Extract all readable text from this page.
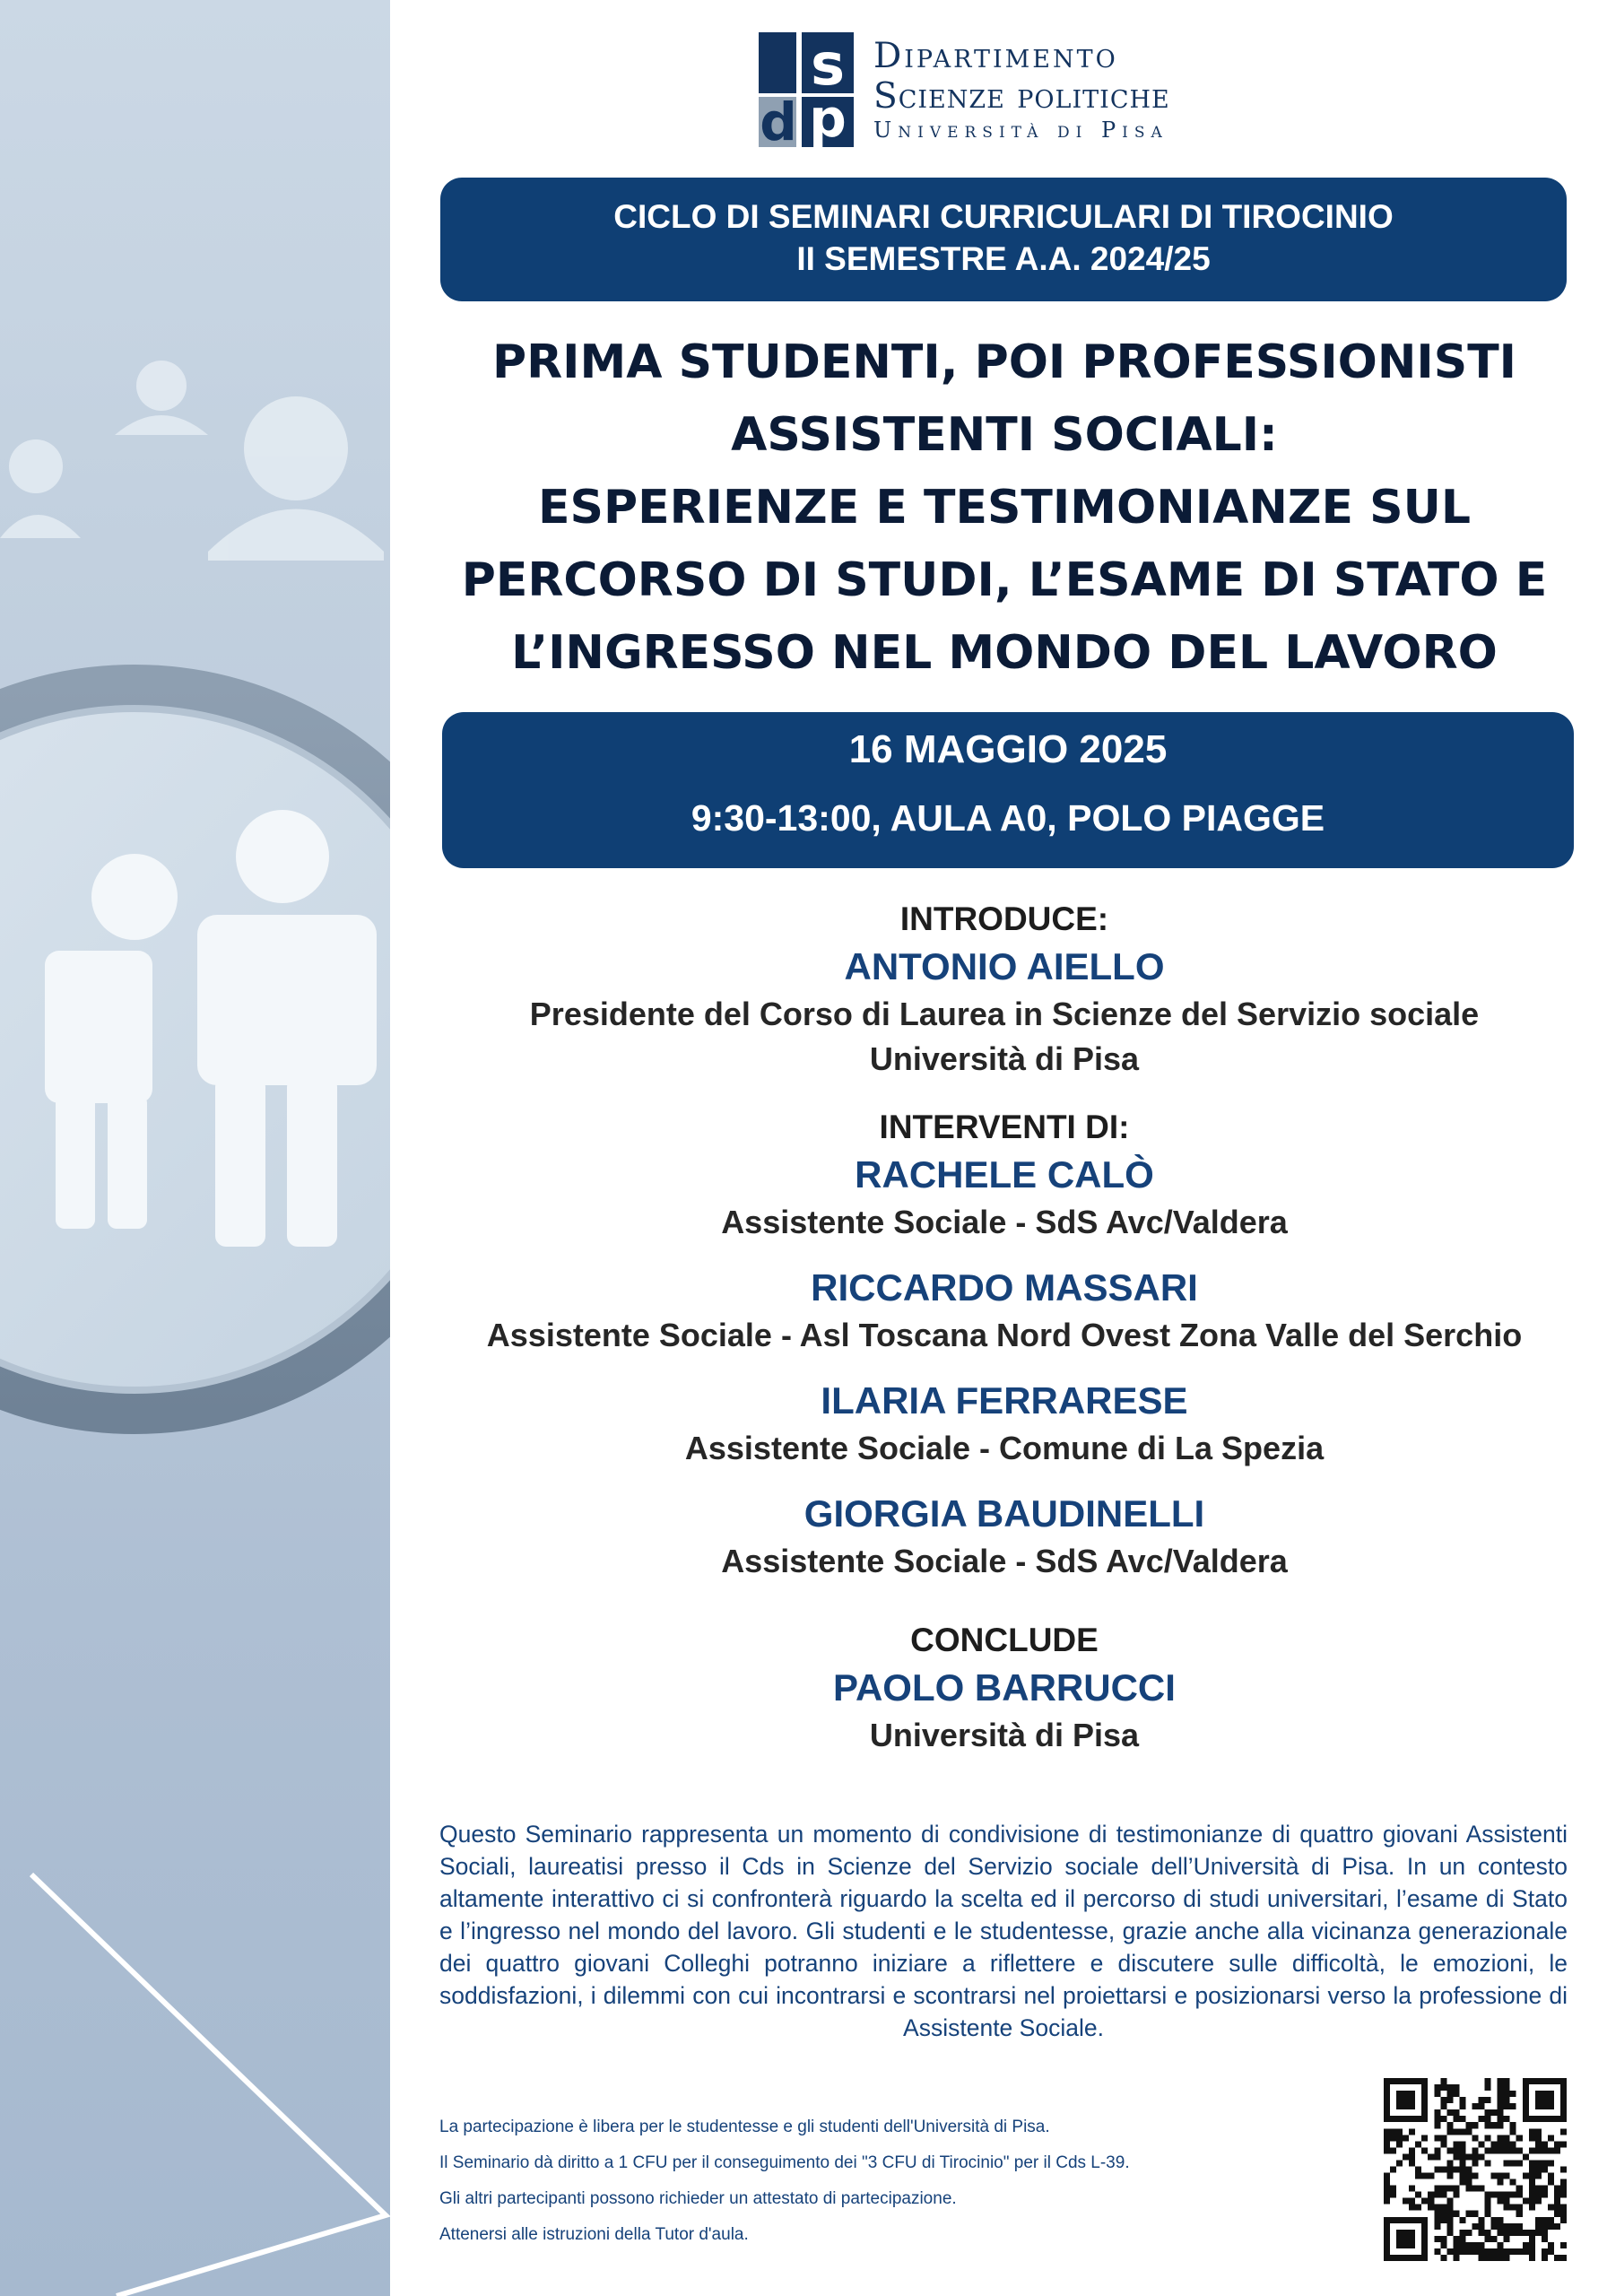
d
s
p
Dipartimento
Scienze politiche
Università di Pisa
CICLO DI SEMINARI CURRICULARI DI TIROCINIO
II SEMESTRE A.A. 2024/25
PRIMA STUDENTI, POI PROFESSIONISTI
ASSISTENTI SOCIALI:
ESPERIENZE E TESTIMONIANZE SUL
PERCORSO DI STUDI, L’ESAME DI STATO E
L’INGRESSO NEL MONDO DEL LAVORO
16 MAGGIO 2025
9:30-13:00, AULA A0, POLO PIAGGE
INTRODUCE:
ANTONIO AIELLO
Presidente del Corso di Laurea in Scienze del Servizio sociale
Università di Pisa
INTERVENTI DI:
RACHELE CALÒ
Assistente Sociale - SdS Avc/Valdera
RICCARDO MASSARI
Assistente Sociale - Asl Toscana Nord Ovest Zona Valle del Serchio
ILARIA FERRARESE
Assistente Sociale - Comune di La Spezia
GIORGIA BAUDINELLI
Assistente Sociale - SdS Avc/Valdera
CONCLUDE
PAOLO BARRUCCI
Università di Pisa

Questo Seminario rappresenta un momento di condivisione di testimonianze di quattro giovani Assistenti Sociali, laureatisi presso il Cds in Scienze del Servizio sociale dell’Università di Pisa. In un contesto altamente interattivo ci si confronterà riguardo la scelta ed il percorso di studi universitari, l’esame di Stato e l’ingresso nel mondo del lavoro. Gli studenti e le studentesse, grazie anche alla vicinanza generazionale dei quattro giovani Colleghi potranno iniziare a riflettere e discutere sulle difficoltà, le emozioni, le soddisfazioni, i dilemmi con cui incontrarsi e scontrarsi nel proiettarsi e posizionarsi verso la professione di Assistente Sociale.

La partecipazione è libera per le studentesse e gli studenti dell'Università di Pisa.
Il Seminario dà diritto a 1 CFU per il conseguimento dei "3 CFU di Tirocinio" per il Cds L-39.
Gli altri partecipanti possono richieder un attestato di partecipazione.
Attenersi alle istruzioni della Tutor d'aula.
